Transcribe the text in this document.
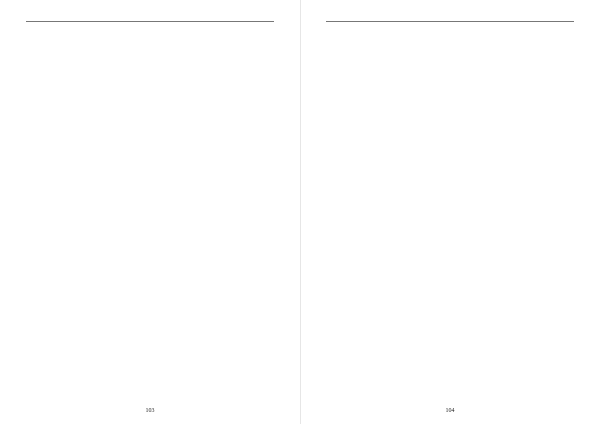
103	104
